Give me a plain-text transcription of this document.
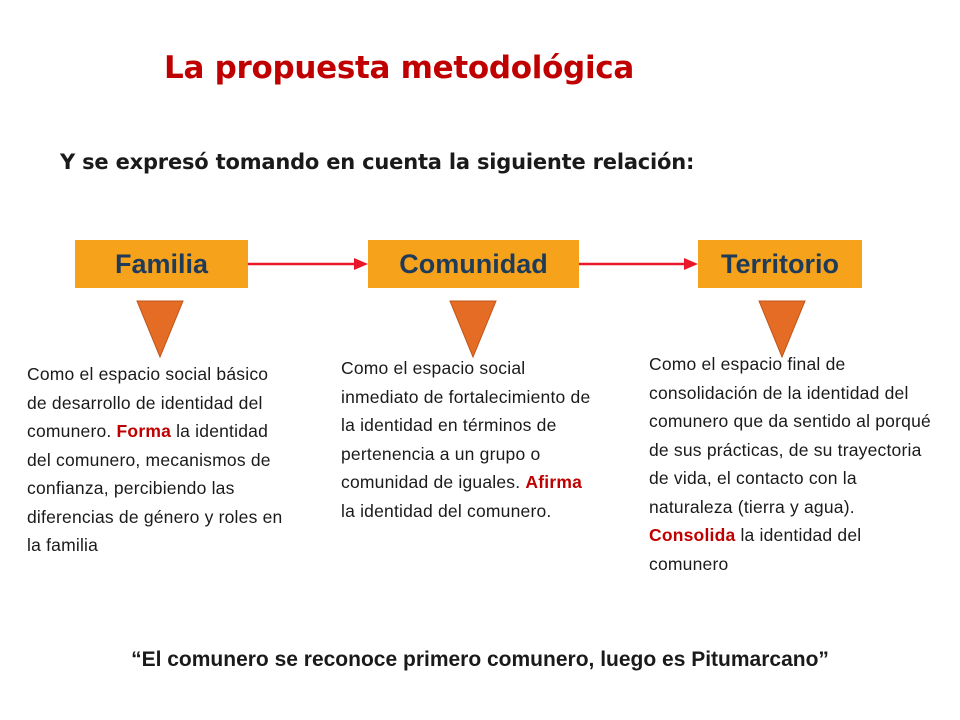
La propuesta metodológica
Y se expresó tomando en cuenta la siguiente relación:
Familia	Comunidad	Territorio
Como el espacio social básico de desarrollo de identidad del comunero. Forma la identidad del comunero, mecanismos de confianza, percibiendo las diferencias de género y roles en la familia
Como el espacio social inmediato de fortalecimiento de la identidad en términos de pertenencia a un grupo o comunidad de iguales. Afirma la identidad del comunero.
Como el espacio final de consolidación de la identidad del comunero que da sentido al porqué de sus prácticas, de su trayectoria de vida, el contacto con la naturaleza (tierra y agua). Consolida la identidad del comunero
“El comunero se reconoce primero comunero, luego es Pitumarcano”
